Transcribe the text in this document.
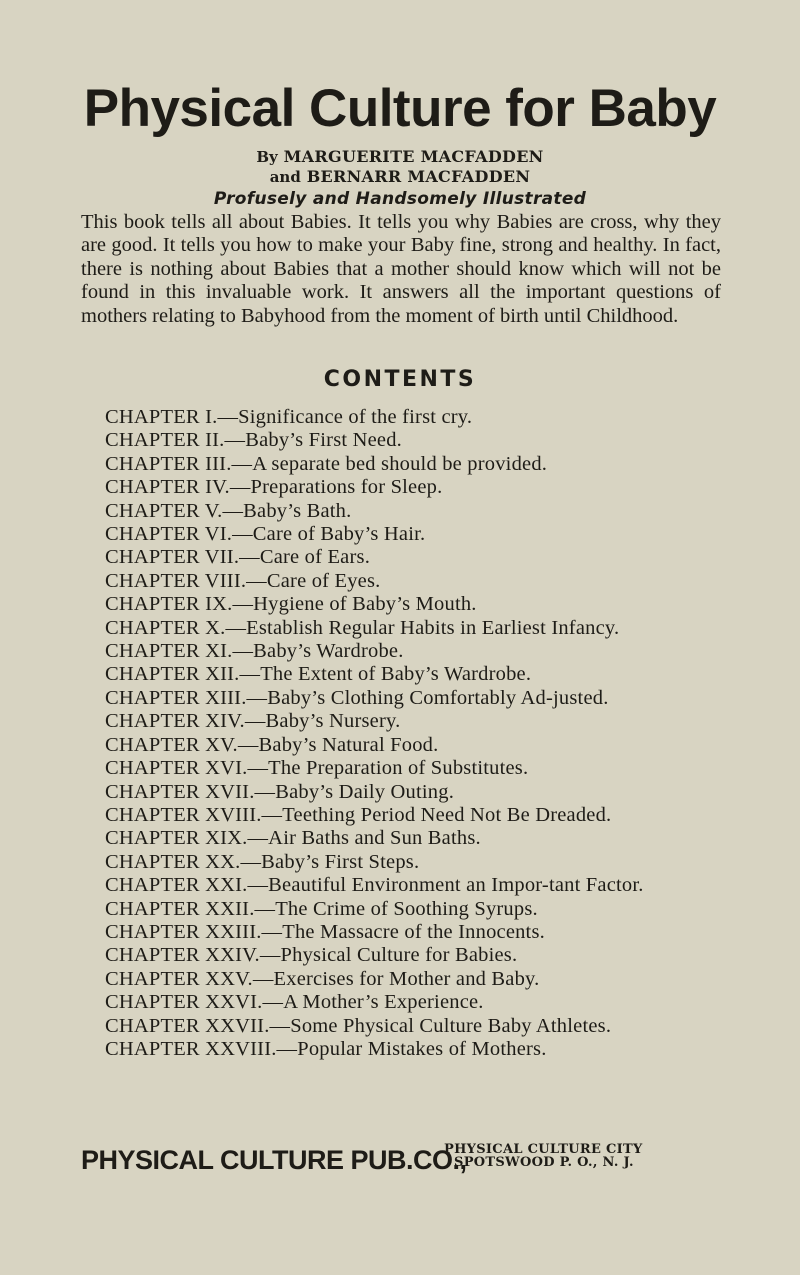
Physical Culture for Baby
By MARGUERITE MACFADDEN
and BERNARR MACFADDEN
Profusely and Handsomely Illustrated
This book tells all about Babies. It tells you why Babies are cross, why they are good. It tells you how to make your Baby fine, strong and healthy. In fact, there is nothing about Babies that a mother should know which will not be found in this invaluable work. It answers all the important questions of mothers relating to Babyhood from the moment of birth until Childhood.
CONTENTS
CHAPTER I.—Significance of the first cry.
CHAPTER II.—Baby’s First Need.
CHAPTER III.—A separate bed should be provided.
CHAPTER IV.—Preparations for Sleep.
CHAPTER V.—Baby’s Bath.
CHAPTER VI.—Care of Baby’s Hair.
CHAPTER VII.—Care of Ears.
CHAPTER VIII.—Care of Eyes.
CHAPTER IX.—Hygiene of Baby’s Mouth.
CHAPTER X.—Establish Regular Habits in Earliest Infancy.
CHAPTER XI.—Baby’s Wardrobe.
CHAPTER XII.—The Extent of Baby’s Wardrobe.
CHAPTER XIII.—Baby’s Clothing Comfortably Ad-justed.
CHAPTER XIV.—Baby’s Nursery.
CHAPTER XV.—Baby’s Natural Food.
CHAPTER XVI.—The Preparation of Substitutes.
CHAPTER XVII.—Baby’s Daily Outing.
CHAPTER XVIII.—Teething Period Need Not Be Dreaded.
CHAPTER XIX.—Air Baths and Sun Baths.
CHAPTER XX.—Baby’s First Steps.
CHAPTER XXI.—Beautiful Environment an Impor-tant Factor.
CHAPTER XXII.—The Crime of Soothing Syrups.
CHAPTER XXIII.—The Massacre of the Innocents.
CHAPTER XXIV.—Physical Culture for Babies.
CHAPTER XXV.—Exercises for Mother and Baby.
CHAPTER XXVI.—A Mother’s Experience.
CHAPTER XXVII.—Some Physical Culture Baby Athletes.
CHAPTER XXVIII.—Popular Mistakes of Mothers.
PHYSICAL CULTURE PUB.CO.,
PHYSICAL CULTURE CITY
SPOTSWOOD P. O., N. J.
